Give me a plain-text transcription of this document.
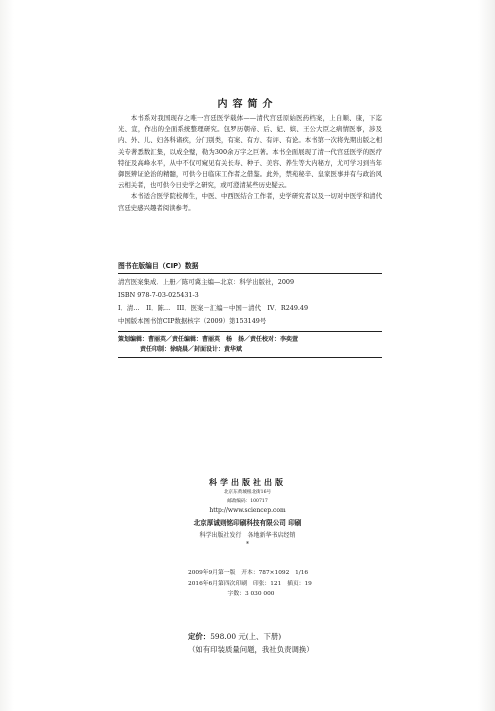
内容简介

本书系对我国现存之唯一宫廷医学载体——清代宫廷原始医药档案，上自顺、康，下迄光、宣，作出的全面系统整理研究。包罗历朝帝、后、妃、嫔、王公大臣之病情医事，涉及内、外、儿、妇各科诸疾，分门别类，有案、有方、有评、有论。本书第一次将先期出版之相关专著悉数汇集，以成全璧，勒为300余万字之巨著。本书全面展现了清一代宫廷医学的医疗特征及高峰水平，从中不仅可窥见有关长寿、种子、美容、养生等大内秘方，尤可学习到当年御医辨证论治的精髓，可供今日临床工作者之借鉴。此外，禁苑秘辛、皇家医事并有与政治风云相关者，也可供今日史学之研究，或可澄清某些历史疑云。

本书适合医学院校师生，中医、中西医结合工作者，史学研究者以及一切对中医学和清代宫廷史感兴趣者阅读参考。

图书在版编目（CIP）数据
清宫医案集成．上册／陈可冀主编—北京：科学出版社，2009
ISBN 978-7-03-025431-3
I．清…　II．陈…　III．医案－汇编－中国－清代　IV．R249.49
中国版本图书馆CIP数据核字（2009）第153149号
策划编辑：曹丽英／责任编辑：曹丽英　杨　扬／责任校对：李奕萱
责任印制：徐晓晨／封面设计：黄华斌
科学出版社出版
北京东黄城根北街16号
邮政编码：100717
http://www.sciencep.com
北京厚诚则铭印刷科技有限公司 印刷
科学出版社发行　各地新华书店经销
*
2009年9月第一版　开本：787×1092　1/16
2016年6月第四次印刷　印张：121　插页：19
字数：3 030 000
定价：598.00 元(上、下册)
（如有印装质量问题，我社负责调换）
